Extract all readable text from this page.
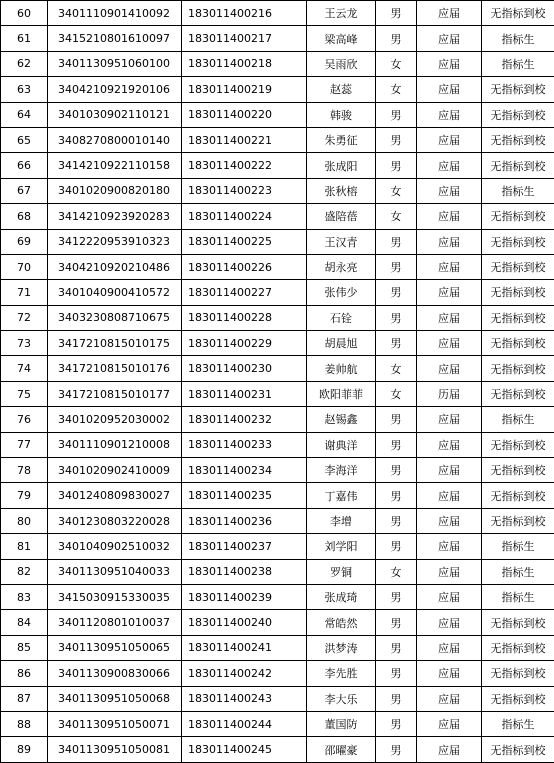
60	3401110901410092	183011400216	王云龙	男	应届	无指标到校
61	3415210801610097	183011400217	梁高峰	男	应届	指标生
62	3401130951060100	183011400218	吴雨欣	女	应届	指标生
63	3404210921920106	183011400219	赵蕊	女	应届	无指标到校
64	3401030902110121	183011400220	韩骏	男	应届	无指标到校
65	3408270800010140	183011400221	朱勇征	男	应届	无指标到校
66	3414210922110158	183011400222	张成阳	男	应届	无指标到校
67	3401020900820180	183011400223	张秋榕	女	应届	指标生
68	3414210923920283	183011400224	盛陪蓓	女	应届	无指标到校
69	3412220953910323	183011400225	王汉青	男	应届	无指标到校
70	3404210920210486	183011400226	胡永亮	男	应届	无指标到校
71	3401040900410572	183011400227	张伟少	男	应届	无指标到校
72	3403230808710675	183011400228	石铨	男	应届	无指标到校
73	3417210815010175	183011400229	胡晨旭	男	应届	无指标到校
74	3417210815010176	183011400230	姜帅航	女	应届	无指标到校
75	3417210815010177	183011400231	欧阳菲菲	女	历届	无指标到校
76	3401020952030002	183011400232	赵锡鑫	男	应届	指标生
77	3401110901210008	183011400233	谢典洋	男	应届	无指标到校
78	3401020902410009	183011400234	李海洋	男	应届	无指标到校
79	3401240809830027	183011400235	丁嘉伟	男	应届	无指标到校
80	3401230803220028	183011400236	李增	男	应届	无指标到校
81	3401040902510032	183011400237	刘学阳	男	应届	指标生
82	3401130951040033	183011400238	罗铜	女	应届	指标生
83	3415030915330035	183011400239	张成琦	男	应届	指标生
84	3401120801010037	183011400240	常皓然	男	应届	无指标到校
85	3401130951050065	183011400241	洪梦涛	男	应届	无指标到校
86	3401130900830066	183011400242	李先胜	男	应届	无指标到校
87	3401130951050068	183011400243	李大乐	男	应届	无指标到校
88	3401130951050071	183011400244	董国防	男	应届	指标生
89	3401130951050081	183011400245	邵曜豪	男	应届	无指标到校
